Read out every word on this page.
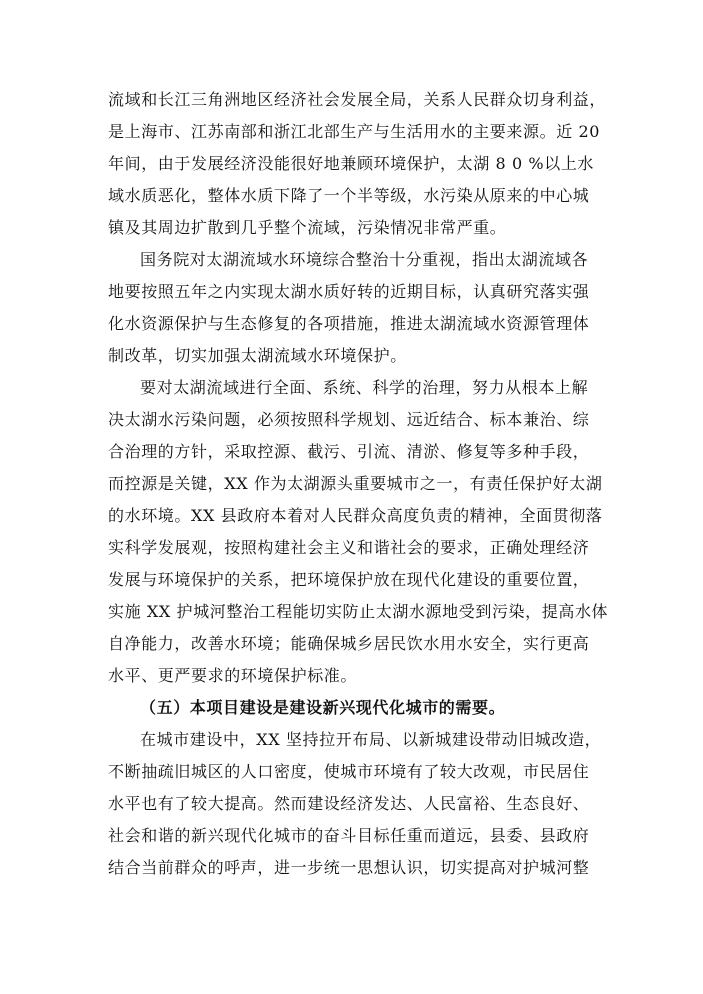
流域和长江三角洲地区经济社会发展全局，关系人民群众切身利益，
是上海市、江苏南部和浙江北部生产与生活用水的主要来源。近 20
年间，由于发展经济没能很好地兼顾环境保护，太湖 8 0 %以上水
域水质恶化，整体水质下降了一个半等级，水污染从原来的中心城
镇及其周边扩散到几乎整个流域，污染情况非常严重。
国务院对太湖流域水环境综合整治十分重视，指出太湖流域各
地要按照五年之内实现太湖水质好转的近期目标，认真研究落实强
化水资源保护与生态修复的各项措施，推进太湖流域水资源管理体
制改革，切实加强太湖流域水环境保护。
要对太湖流域进行全面、系统、科学的治理，努力从根本上解
决太湖水污染问题，必须按照科学规划、远近结合、标本兼治、综
合治理的方针，采取控源、截污、引流、清淤、修复等多种手段，
而控源是关键，XX 作为太湖源头重要城市之一，有责任保护好太湖
的水环境。XX 县政府本着对人民群众高度负责的精神，全面贯彻落
实科学发展观，按照构建社会主义和谐社会的要求，正确处理经济
发展与环境保护的关系，把环境保护放在现代化建设的重要位置，
实施 XX 护城河整治工程能切实防止太湖水源地受到污染，提高水体
自净能力，改善水环境；能确保城乡居民饮水用水安全，实行更高
水平、更严要求的环境保护标准。
（五）本项目建设是建设新兴现代化城市的需要。
在城市建设中，XX 坚持拉开布局、以新城建设带动旧城改造，
不断抽疏旧城区的人口密度，使城市环境有了较大改观，市民居住
水平也有了较大提高。然而建设经济发达、人民富裕、生态良好、
社会和谐的新兴现代化城市的奋斗目标任重而道远，县委、县政府
结合当前群众的呼声，进一步统一思想认识，切实提高对护城河整
